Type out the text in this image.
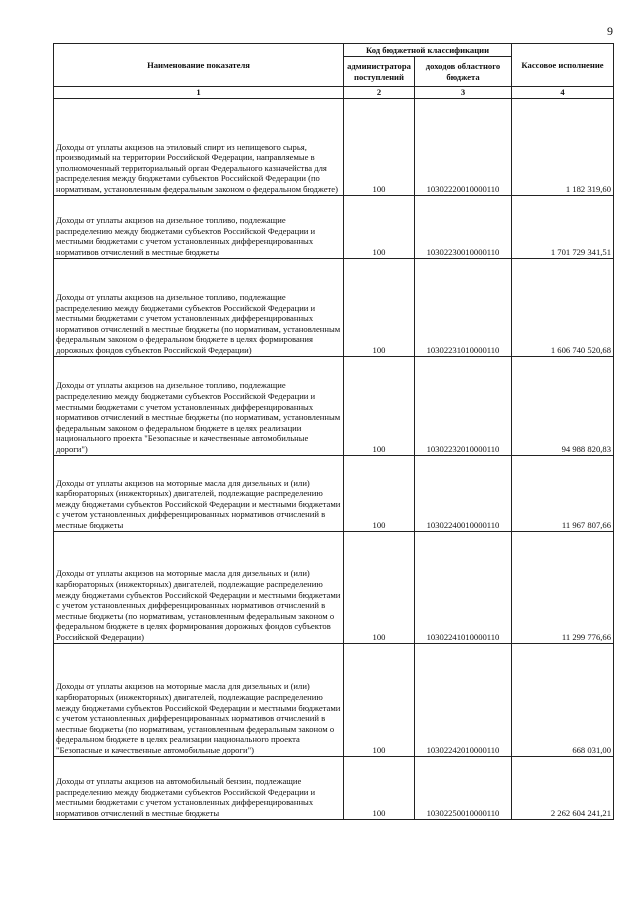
9
Наименование показателя	Код бюджетной классификации		Кассовое исполнение
	администратора поступлений	доходов областного бюджета	
1	2	3	4
Доходы от уплаты акцизов на этиловый спирт из непищевого сырья, производимый на территории Российской Федерации, направляемые в уполномоченный территориальный орган Федерального казначейства для распределения между бюджетами субъектов Российской Федерации (по нормативам, установленным федеральным законом о федеральном бюджете)	100	10302220010000110	1 182 319,60
Доходы от уплаты акцизов на дизельное топливо, подлежащие распределению между бюджетами субъектов Российской Федерации и местными бюджетами с учетом установленных дифференцированных нормативов отчислений в местные бюджеты	100	10302230010000110	1 701 729 341,51
Доходы от уплаты акцизов на дизельное топливо, подлежащие распределению между бюджетами субъектов Российской Федерации и местными бюджетами с учетом установленных дифференцированных нормативов отчислений в местные бюджеты (по нормативам, установленным федеральным законом о федеральном бюджете в целях формирования дорожных фондов субъектов Российской Федерации)	100	10302231010000110	1 606 740 520,68
Доходы от уплаты акцизов на дизельное топливо, подлежащие распределению между бюджетами субъектов Российской Федерации и местными бюджетами с учетом установленных дифференцированных нормативов отчислений в местные бюджеты (по нормативам, установленным федеральным законом о федеральном бюджете в целях реализации национального проекта "Безопасные и качественные автомобильные дороги")	100	10302232010000110	94 988 820,83
Доходы от уплаты акцизов на моторные масла для дизельных и (или) карбюраторных (инжекторных) двигателей, подлежащие распределению между бюджетами субъектов Российской Федерации и местными бюджетами с учетом установленных дифференцированных нормативов отчислений в местные бюджеты	100	10302240010000110	11 967 807,66
Доходы от уплаты акцизов на моторные масла для дизельных и (или) карбюраторных (инжекторных) двигателей, подлежащие распределению между бюджетами субъектов Российской Федерации и местными бюджетами с учетом установленных дифференцированных нормативов отчислений в местные бюджеты (по нормативам, установленным федеральным законом о федеральном бюджете в целях формирования дорожных фондов субъектов Российской Федерации)	100	10302241010000110	11 299 776,66
Доходы от уплаты акцизов на моторные масла для дизельных и (или) карбюраторных (инжекторных) двигателей, подлежащие распределению между бюджетами субъектов Российской Федерации и местными бюджетами с учетом установленных дифференцированных нормативов отчислений в местные бюджеты (по нормативам, установленным федеральным законом о федеральном бюджете в целях реализации национального проекта "Безопасные и качественные автомобильные дороги")	100	10302242010000110	668 031,00
Доходы от уплаты акцизов на автомобильный бензин, подлежащие распределению между бюджетами субъектов Российской Федерации и местными бюджетами с учетом установленных дифференцированных нормативов отчислений в местные бюджеты	100	10302250010000110	2 262 604 241,21
